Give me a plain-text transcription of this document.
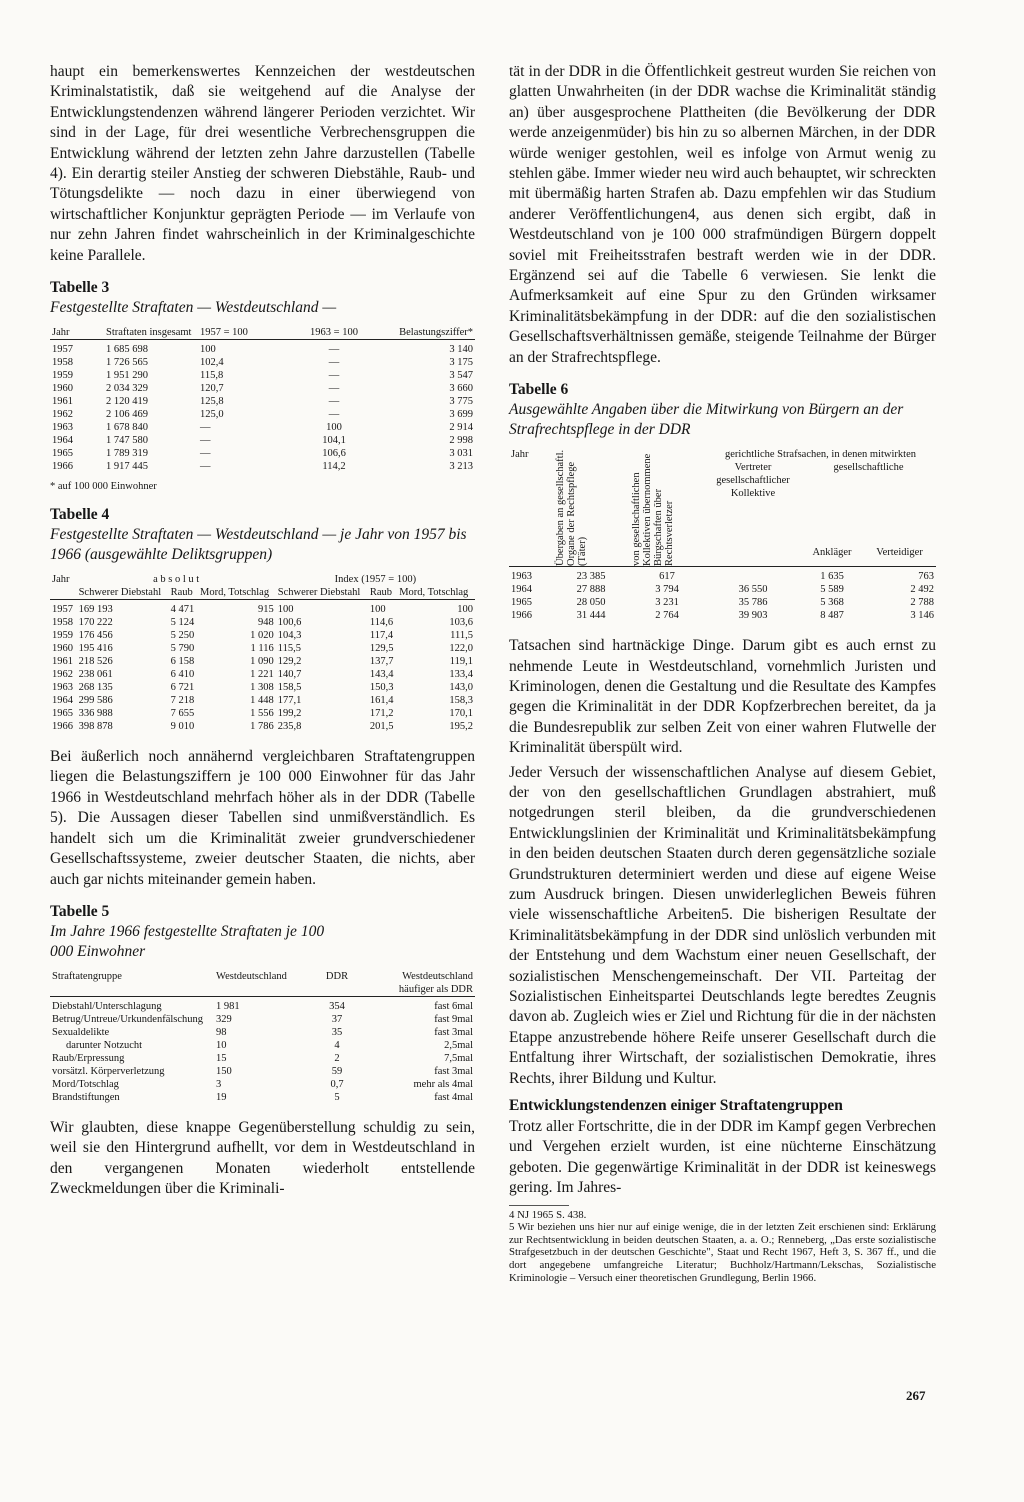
haupt ein bemerkenswertes Kennzeichen der westdeutschen Kriminalstatistik, daß sie weitgehend auf die Analyse der Entwicklungstendenzen während längerer Perioden verzichtet. Wir sind in der Lage, für drei wesentliche Verbrechensgruppen die Entwicklung während der letzten zehn Jahre darzustellen (Tabelle 4). Ein derartig steiler Anstieg der schweren Diebstähle, Raub- und Tötungsdelikte — noch dazu in einer überwiegend von wirtschaftlicher Konjunktur geprägten Periode — im Verlaufe von nur zehn Jahren findet wahrscheinlich in der Kriminalgeschichte keine Parallele.

Tabelle 3
Festgestellte Straftaten — Westdeutschland —
Jahr	Straftaten insgesamt	1957 = 100	1963 = 100	Belastungsziffer*
1957	1 685 698	100	—	3 140
1958	1 726 565	102,4	—	3 175
1959	1 951 290	115,8	—	3 547
1960	2 034 329	120,7	—	3 660
1961	2 120 419	125,8	—	3 775
1962	2 106 469	125,0	—	3 699
1963	1 678 840	—	100	2 914
1964	1 747 580	—	104,1	2 998
1965	1 789 319	—	106,6	3 031
1966	1 917 445	—	114,2	3 213
* auf 100 000 Einwohner
Tabelle 4
Festgestellte Straftaten — Westdeutschland — je Jahr von 1957 bis 1966 (ausgewählte Deliktsgruppen)
Jahr	a b s o l u t			Index (1957 = 100)		
	Schwerer Diebstahl	Raub	Mord, Totschlag	Schwerer Diebstahl	Raub	Mord, Totschlag
1957	169 193	4 471	915	100	100	100
1958	170 222	5 124	948	100,6	114,6	103,6
1959	176 456	5 250	1 020	104,3	117,4	111,5
1960	195 416	5 790	1 116	115,5	129,5	122,0
1961	218 526	6 158	1 090	129,2	137,7	119,1
1962	238 061	6 410	1 221	140,7	143,4	133,4
1963	268 135	6 721	1 308	158,5	150,3	143,0
1964	299 586	7 218	1 448	177,1	161,4	158,3
1965	336 988	7 655	1 556	199,2	171,2	170,1
1966	398 878	9 010	1 786	235,8	201,5	195,2

Bei äußerlich noch annähernd vergleichbaren Straftatengruppen liegen die Belastungsziffern je 100 000 Einwohner für das Jahr 1966 in Westdeutschland mehrfach höher als in der DDR (Tabelle 5). Die Aussagen dieser Tabellen sind unmißverständlich. Es handelt sich um die Kriminalität zweier grundverschiedener Gesellschaftssysteme, zweier deutscher Staaten, die nichts, aber auch gar nichts miteinander gemein haben.

Tabelle 5
Im Jahre 1966 festgestellte Straftaten je 100 000 Einwohner
Straftatengruppe	Westdeutschland	DDR	Westdeutschland häufiger als DDR
Diebstahl/Unterschlagung	1 981	354	fast 6mal
Betrug/Untreue/Urkundenfälschung	329	37	fast 9mal
Sexualdelikte	98	35	fast 3mal
darunter Notzucht	10	4	2,5mal
Raub/Erpressung	15	2	7,5mal
vorsätzl. Körperverletzung	150	59	fast 3mal
Mord/Totschlag	3	0,7	mehr als 4mal
Brandstiftungen	19	5	fast 4mal

Wir glaubten, diese knappe Gegenüberstellung schuldig zu sein, weil sie den Hintergrund aufhellt, vor dem in Westdeutschland in den vergangenen Monaten wiederholt entstellende Zweckmeldungen über die Kriminali-

tät in der DDR in die Öffentlichkeit gestreut wurden Sie reichen von glatten Unwahrheiten (in der DDR wachse die Kriminalität ständig an) über ausgesprochene Plattheiten (die Bevölkerung der DDR werde anzeigenmüder) bis hin zu so albernen Märchen, in der DDR würde weniger gestohlen, weil es infolge von Armut wenig zu stehlen gäbe. Immer wieder neu wird auch behauptet, wir schreckten mit übermäßig harten Strafen ab. Dazu empfehlen wir das Studium anderer Veröffentlichungen4, aus denen sich ergibt, daß in Westdeutschland von je 100 000 strafmündigen Bürgern doppelt soviel mit Freiheitsstrafen bestraft werden wie in der DDR. Ergänzend sei auf die Tabelle 6 verwiesen. Sie lenkt die Aufmerksamkeit auf eine Spur zu den Gründen wirksamer Kriminalitätsbekämpfung in der DDR: auf die den sozialistischen Gesellschaftsverhältnissen gemäße, steigende Teilnahme der Bürger an der Strafrechtspflege.

Tabelle 6
Ausgewählte Angaben über die Mitwirkung von Bürgern an der Strafrechtspflege in der DDR
Jahr	Übergaben an gesellschaftl. Organe der Rechtspflege (Täter)	von gesellschaftlichen Kollektiven übernommene Bürgschaften über Rechtsverletzer	gerichtliche Strafsachen, in denen mitwirkten		
			Vertreter gesellschaftlicher Kollektive	gesellschaftliche	
				Ankläger	Verteidiger
1963	23 385	617		1 635	763
1964	27 888	3 794	36 550	5 589	2 492
1965	28 050	3 231	35 786	5 368	2 788
1966	31 444	2 764	39 903	8 487	3 146

Tatsachen sind hartnäckige Dinge. Darum gibt es auch ernst zu nehmende Leute in Westdeutschland, vornehmlich Juristen und Kriminologen, denen die Gestaltung und die Resultate des Kampfes gegen die Kriminalität in der DDR Kopfzerbrechen bereitet, da ja die Bundesrepublik zur selben Zeit von einer wahren Flutwelle der Kriminalität überspült wird.

Jeder Versuch der wissenschaftlichen Analyse auf diesem Gebiet, der von den gesellschaftlichen Grundlagen abstrahiert, muß notgedrungen steril bleiben, da die grundverschiedenen Entwicklungslinien der Kriminalität und Kriminalitätsbekämpfung in den beiden deutschen Staaten durch deren gegensätzliche soziale Grundstrukturen determiniert werden und diese auf eigene Weise zum Ausdruck bringen. Diesen unwiderleglichen Beweis führen viele wissenschaftliche Arbeiten5. Die bisherigen Resultate der Kriminalitätsbekämpfung in der DDR sind unlöslich verbunden mit der Entstehung und dem Wachstum einer neuen Gesellschaft, der sozialistischen Menschengemeinschaft. Der VII. Parteitag der Sozialistischen Einheitspartei Deutschlands legte beredtes Zeugnis davon ab. Zugleich wies er Ziel und Richtung für die in der nächsten Etappe anzustrebende höhere Reife unserer Gesellschaft durch die Entfaltung ihrer Wirtschaft, der sozialistischen Demokratie, ihres Rechts, ihrer Bildung und Kultur.

Entwicklungstendenzen einiger Straftatengruppen

Trotz aller Fortschritte, die in der DDR im Kampf gegen Verbrechen und Vergehen erzielt wurden, ist eine nüchterne Einschätzung geboten. Die gegenwärtige Kriminalität in der DDR ist keineswegs gering. Im Jahres-

4 NJ 1965 S. 438.
5 Wir beziehen uns hier nur auf einige wenige, die in der letzten Zeit erschienen sind: Erklärung zur Rechtsentwicklung in beiden deutschen Staaten, a. a. O.; Renneberg, „Das erste sozialistische Strafgesetzbuch in der deutschen Geschichte", Staat und Recht 1967, Heft 3, S. 367 ff., und die dort angegebene umfangreiche Literatur; Buchholz/Hartmann/Lekschas, Sozialistische Kriminologie – Versuch einer theoretischen Grundlegung, Berlin 1966.
267
